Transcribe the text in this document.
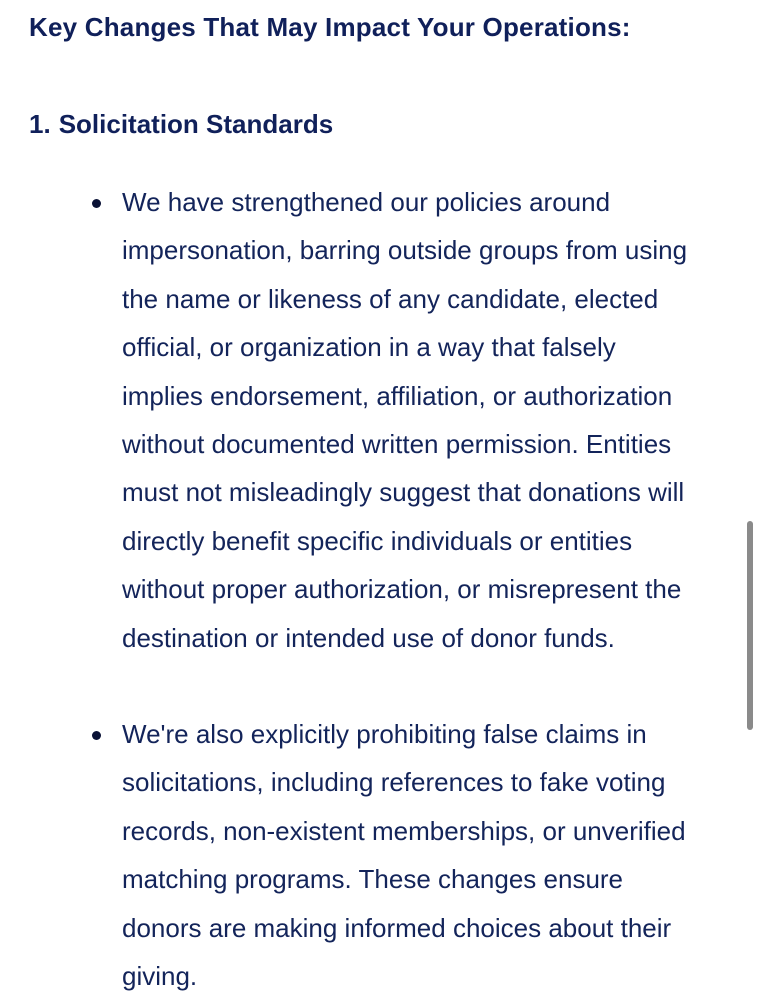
Key Changes That May Impact Your Operations:
1. Solicitation Standards
We have strengthened our policies around
impersonation, barring outside groups from using
the name or likeness of any candidate, elected
official, or organization in a way that falsely
implies endorsement, affiliation, or authorization
without documented written permission. Entities
must not misleadingly suggest that donations will
directly benefit specific individuals or entities
without proper authorization, or misrepresent the
destination or intended use of donor funds.
We're also explicitly prohibiting false claims in
solicitations, including references to fake voting
records, non-existent memberships, or unverified
matching programs. These changes ensure
donors are making informed choices about their
giving.
